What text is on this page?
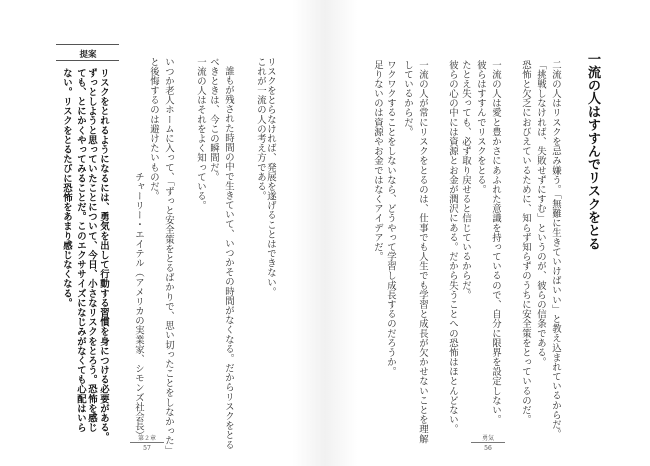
リスクをとらなければ、発展を遂げることはできない。
これが一流の人の考え方である。
誰もが残された時間の中で生きていて、いつかその時間がなくなる。だからリスクをとる
べきときは、今この瞬間だ。
一流の人はそれをよく知っている。
いつか老人ホームに入って、「ずっと安全策をとるばかりで、思い切ったことをしなかった」
と後悔するのは避けたいものだ。
チャーリー・エイテル（アメリカの実業家、シモンズ社会長）
提案
リスクをとれるようになるには、勇気を出して行動する習慣を身につける必要がある。
ずっとしようと思っていたことについて、今日、小さなリスクをとろう。恐怖を感じ
ても、とにかくやってみることだ。このエクササイズになじみがなくても心配はいら
ない。リスクをとるたびに恐怖をあまり感じなくなる。
第２章
57
一流の人はすすんでリスクをとる
二流の人はリスクを忌み嫌う。「無難に生きていけばいい」と教え込まれているからだ。
「挑戦しなければ、失敗せずにすむ」というのが、彼らの信条である。
恐怖と欠乏におびえているために、知らず知らずのうちに安全策をとっているのだ。
一流の人は愛と豊かさにあふれた意識を持っているので、自分に限界を設定しない。
彼らはすすんでリスクをとる。
たとえ失っても、必ず取り戻せると信じているからだ。
彼らの心の中には資源とお金が潤沢にある。だから失うことへの恐怖はほとんどない。
一流の人が常にリスクをとるのは、仕事でも人生でも学習と成長が欠かせないことを理解
しているからだ。
ワクワクすることをしないなら、どうやって学習し成長するのだろうか。
足りないのは資源やお金ではなくアイデアだ。
勇気
56
